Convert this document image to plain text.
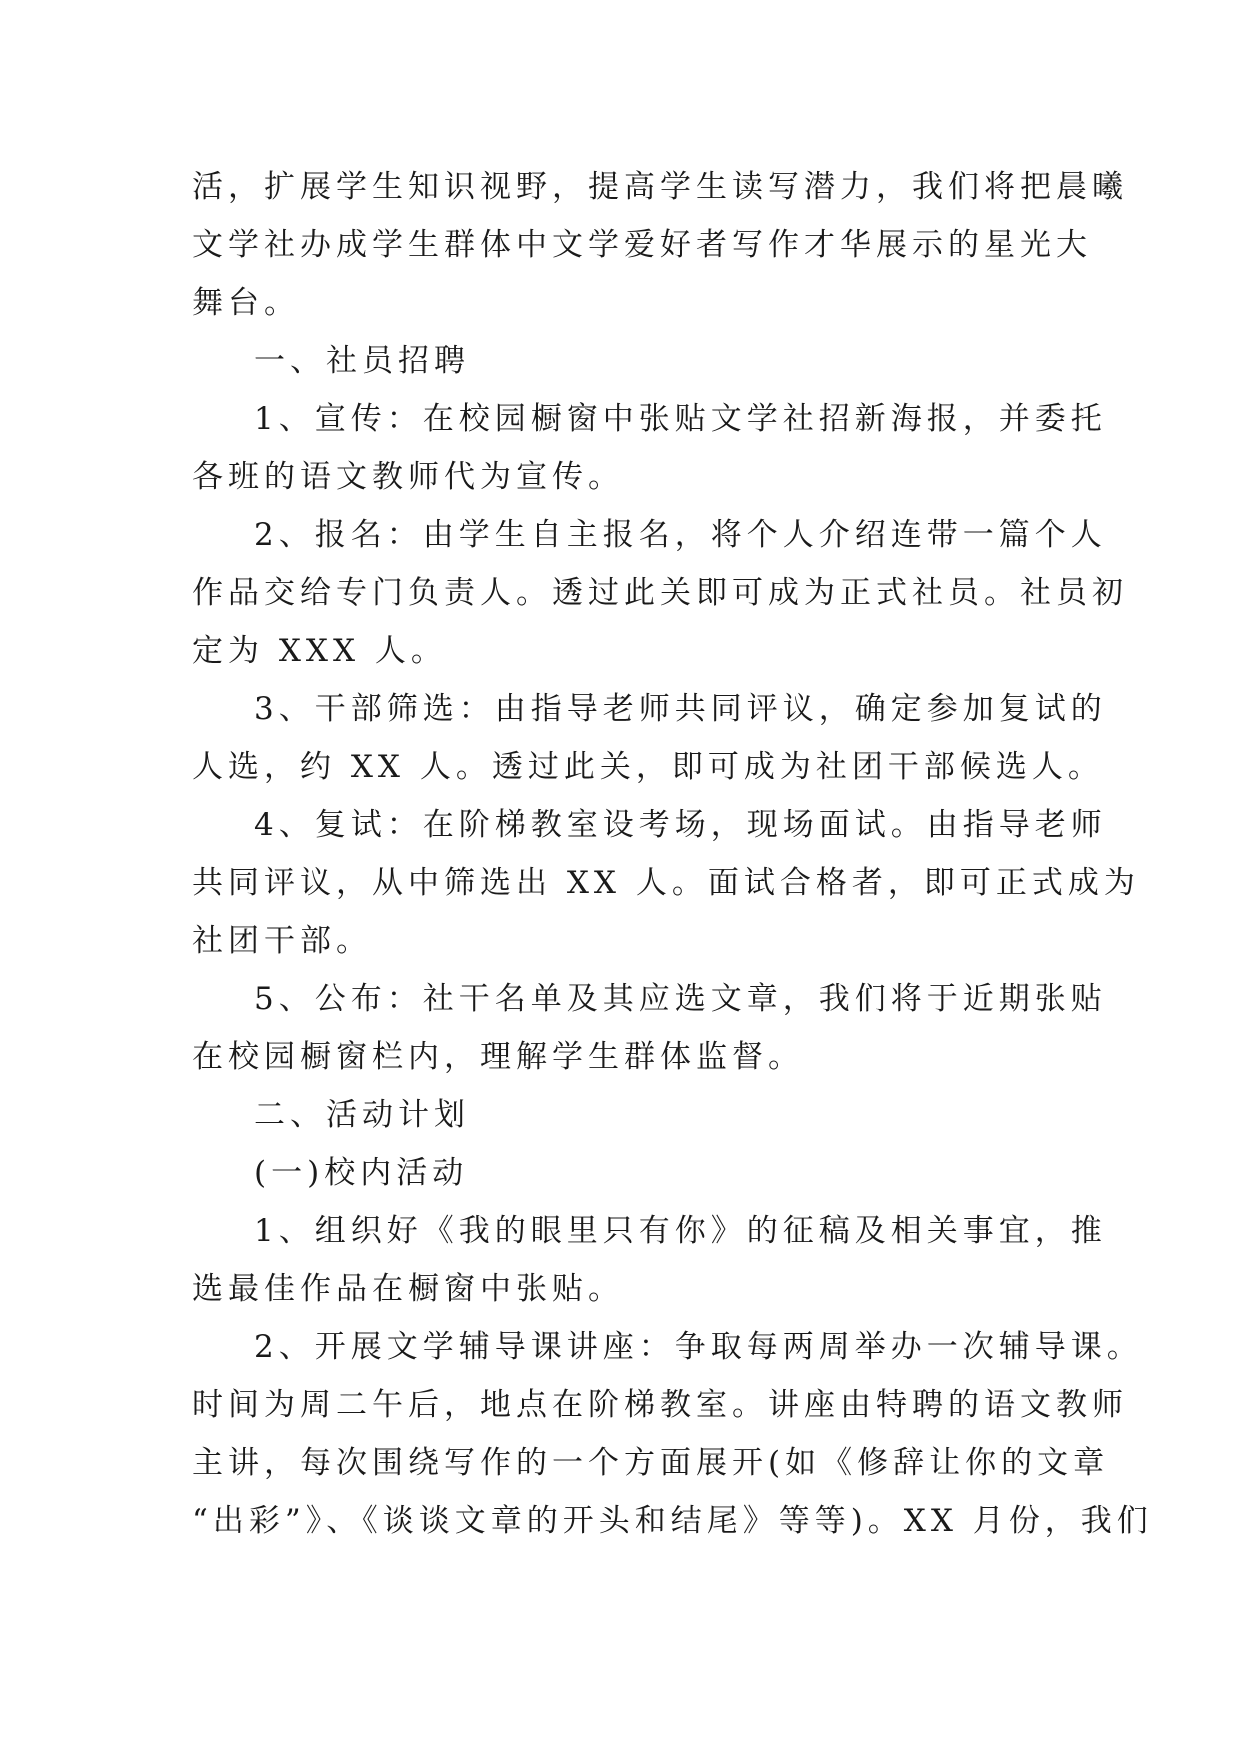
活，扩展学生知识视野，提高学生读写潜力，我们将把晨曦
文学社办成学生群体中文学爱好者写作才华展示的星光大
舞台。
一、社员招聘
1、宣传：在校园橱窗中张贴文学社招新海报，并委托
各班的语文教师代为宣传。
2、报名：由学生自主报名，将个人介绍连带一篇个人
作品交给专门负责人。透过此关即可成为正式社员。社员初
定为 XXX 人。
3、干部筛选：由指导老师共同评议，确定参加复试的
人选，约 XX 人。透过此关，即可成为社团干部候选人。
4、复试：在阶梯教室设考场，现场面试。由指导老师
共同评议，从中筛选出 XX 人。面试合格者，即可正式成为
社团干部。
5、公布：社干名单及其应选文章，我们将于近期张贴
在校园橱窗栏内，理解学生群体监督。
二、活动计划
(一)校内活动
1、组织好《我的眼里只有你》的征稿及相关事宜，推
选最佳作品在橱窗中张贴。
2、开展文学辅导课讲座：争取每两周举办一次辅导课。
时间为周二午后，地点在阶梯教室。讲座由特聘的语文教师
主讲，每次围绕写作的一个方面展开(如《修辞让你的文章
“出彩”》、《谈谈文章的开头和结尾》等等)。XX 月份，我们
